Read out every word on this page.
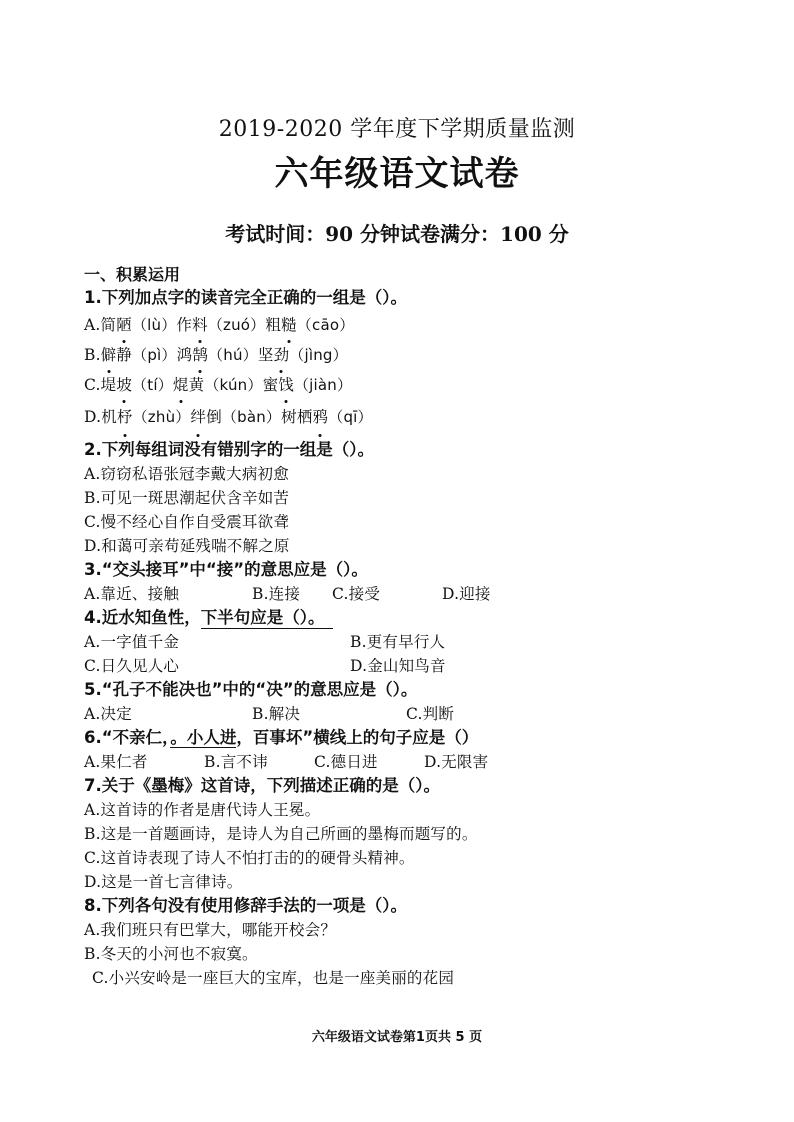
2019-2020 学年度下学期质量监测
六年级语文试卷
考试时间：90 分钟试卷满分：100 分
一、积累运用
1.下列加点字的读音完全正确的一组是（）。
A.简陋（lù）作料（zuó）粗糙（cāo）
B.僻静（pì）鸿鹄（hú）坚劲（jìng）
C.堤坡（tí）焜黄（kún）蜜饯（jiàn）
D.机杼（zhù）绊倒（bàn）树栖鸦（qī）
2.下列每组词没有错别字的一组是（）。
A.窃窃私语张冠李戴大病初愈
B.可见一斑思潮起伏含辛如苦
C.慢不经心自作自受震耳欲聋
D.和蔼可亲苟延残喘不解之原
3.“交头接耳”中“接”的意思应是（）。
A.靠近、接触	B.连接 C.接受	D.迎接
4.近水知鱼性，下半句应是（）。
A.一字值千金	B.更有早行人
C.日久见人心	D.金山知鸟音
5.“孔子不能决也”中的“决”的意思应是（）。
A.决定	B.解决	C.判断
6.“不亲仁，。小人进，百事坏”横线上的句子应是（）
A.果仁者	B.言不讳	C.德日进	D.无限害
7.关于《墨梅》这首诗，下列描述正确的是（）。
A.这首诗的作者是唐代诗人王冕。
B.这是一首题画诗，是诗人为自己所画的墨梅而题写的。
C.这首诗表现了诗人不怕打击的的硬骨头精神。
D.这是一首七言律诗。
8.下列各句没有使用修辞手法的一项是（）。
A.我们班只有巴掌大，哪能开校会？
B.冬天的小河也不寂寞。
C.小兴安岭是一座巨大的宝库，也是一座美丽的花园
六年级语文试卷第1页共 5 页
